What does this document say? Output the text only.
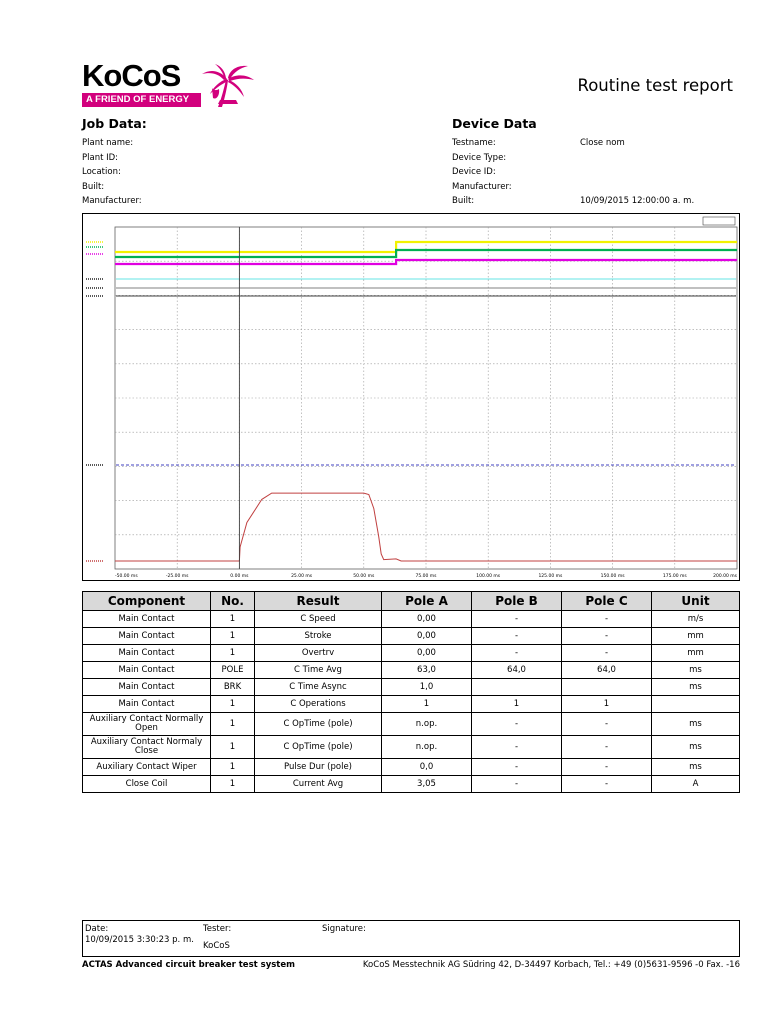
KoCoS
A FRIEND OF ENERGY
Routine test report
Job Data:
Plant name:
Plant ID:
Location:
Built:
Manufacturer:
Device Data
Testname:	Close nom
Device Type:
Device ID:
Manufacturer:
Built:	10/09/2015 12:00:00 a. m.
-50.00 ms	-25.00 ms	0.00 ms	25.00 ms	50.00 ms	75.00 ms	100.00 ms	125.00 ms	150.00 ms	175.00 ms	200.00 ms
Component	No.	Result	Pole A	Pole B	Pole C	Unit
Main Contact	1	C Speed	0,00	-	-	m/s
Main Contact	1	Stroke	0,00	-	-	mm
Main Contact	1	Overtrv	0,00	-	-	mm
Main Contact	POLE	C Time Avg	63,0	64,0	64,0	ms
Main Contact	BRK	C Time Async	1,0			ms
Main Contact	1	C Operations	1	1	1	
Auxiliary Contact Normally Open	1	C OpTime (pole)	n.op.	-	-	ms
Auxiliary Contact Normaly Close	1	C OpTime (pole)	n.op.	-	-	ms
Auxiliary Contact Wiper	1	Pulse Dur (pole)	0,0	-	-	ms
Close Coil	1	Current Avg	3,05	-	-	A
Date:
10/09/2015 3:30:23 p. m.
Tester:
KoCoS
Signature:
ACTAS Advanced circuit breaker test system	KoCoS Messtechnik AG Südring 42, D-34497 Korbach, Tel.: +49 (0)5631-9596 -0 Fax. -16
